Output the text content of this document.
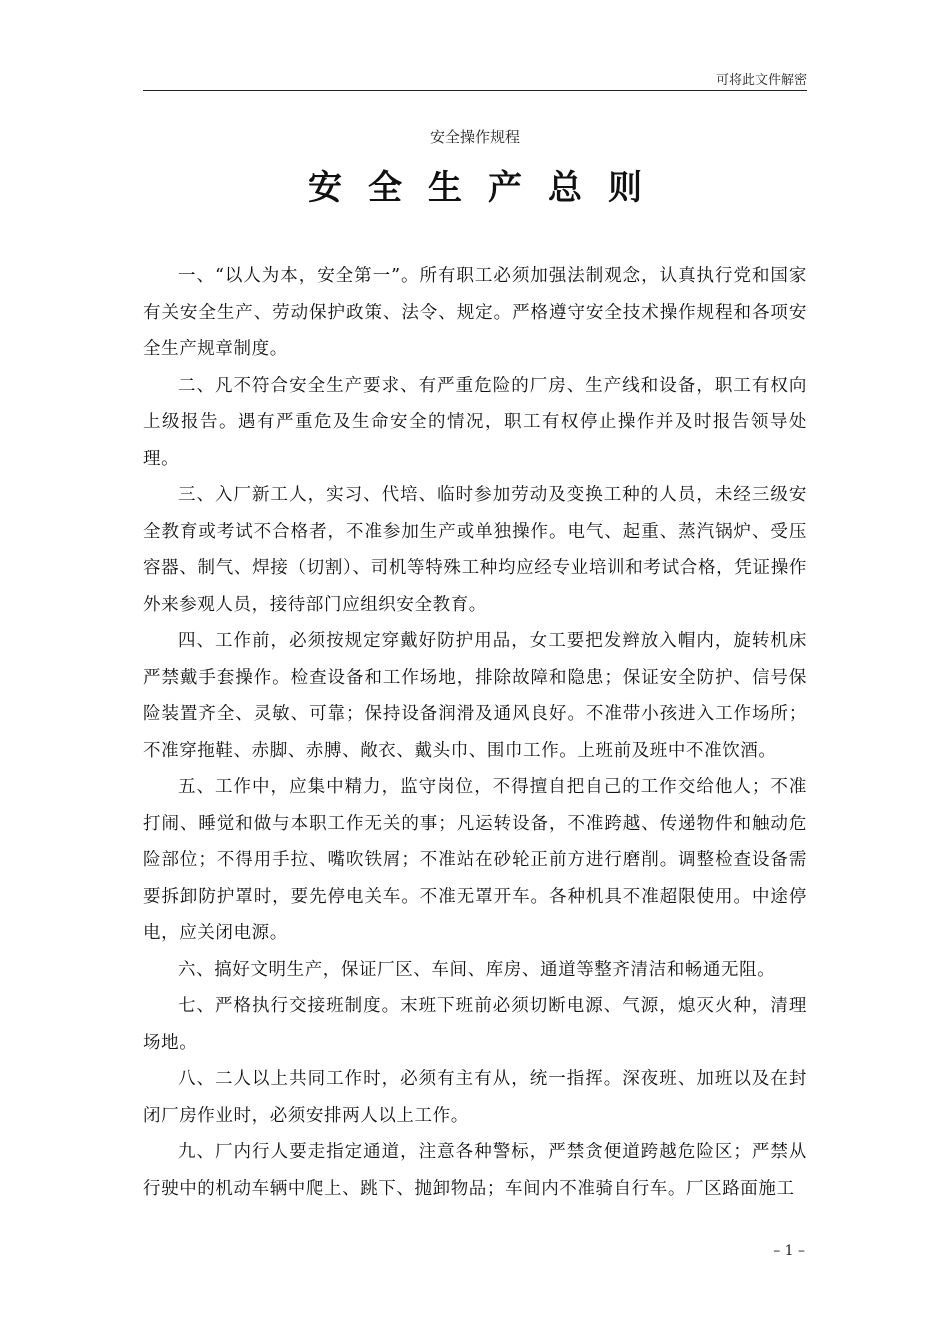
可将此文件解密
安全操作规程
安全生产总则

一、“以人为本，安全第一”。所有职工必须加强法制观念，认真执行党和国家有关安全生产、劳动保护政策、法令、规定。严格遵守安全技术操作规程和各项安全生产规章制度。

二、凡不符合安全生产要求、有严重危险的厂房、生产线和设备，职工有权向上级报告。遇有严重危及生命安全的情况，职工有权停止操作并及时报告领导处理。

三、入厂新工人，实习、代培、临时参加劳动及变换工种的人员，未经三级安全教育或考试不合格者，不准参加生产或单独操作。电气、起重、蒸汽锅炉、受压容器、制气、焊接（切割）、司机等特殊工种均应经专业培训和考试合格，凭证操作外来参观人员，接待部门应组织安全教育。

四、工作前，必须按规定穿戴好防护用品，女工要把发辫放入帽内，旋转机床严禁戴手套操作。检查设备和工作场地，排除故障和隐患；保证安全防护、信号保险装置齐全、灵敏、可靠；保持设备润滑及通风良好。不准带小孩进入工作场所；不准穿拖鞋、赤脚、赤膊、敞衣、戴头巾、围巾工作。上班前及班中不准饮酒。

五、工作中，应集中精力，监守岗位，不得擅自把自己的工作交给他人；不准打闹、睡觉和做与本职工作无关的事；凡运转设备，不准跨越、传递物件和触动危险部位；不得用手拉、嘴吹铁屑；不准站在砂轮正前方进行磨削。调整检查设备需要拆卸防护罩时，要先停电关车。不准无罩开车。各种机具不准超限使用。中途停电，应关闭电源。

六、搞好文明生产，保证厂区、车间、库房、通道等整齐清洁和畅通无阻。

七、严格执行交接班制度。末班下班前必须切断电源、气源，熄灭火种，清理场地。

八、二人以上共同工作时，必须有主有从，统一指挥。深夜班、加班以及在封闭厂房作业时，必须安排两人以上工作。

九、厂内行人要走指定通道，注意各种警标，严禁贪便道跨越危险区；严禁从行驶中的机动车辆中爬上、跳下、抛卸物品；车间内不准骑自行车。厂区路面施工

– 1 –
